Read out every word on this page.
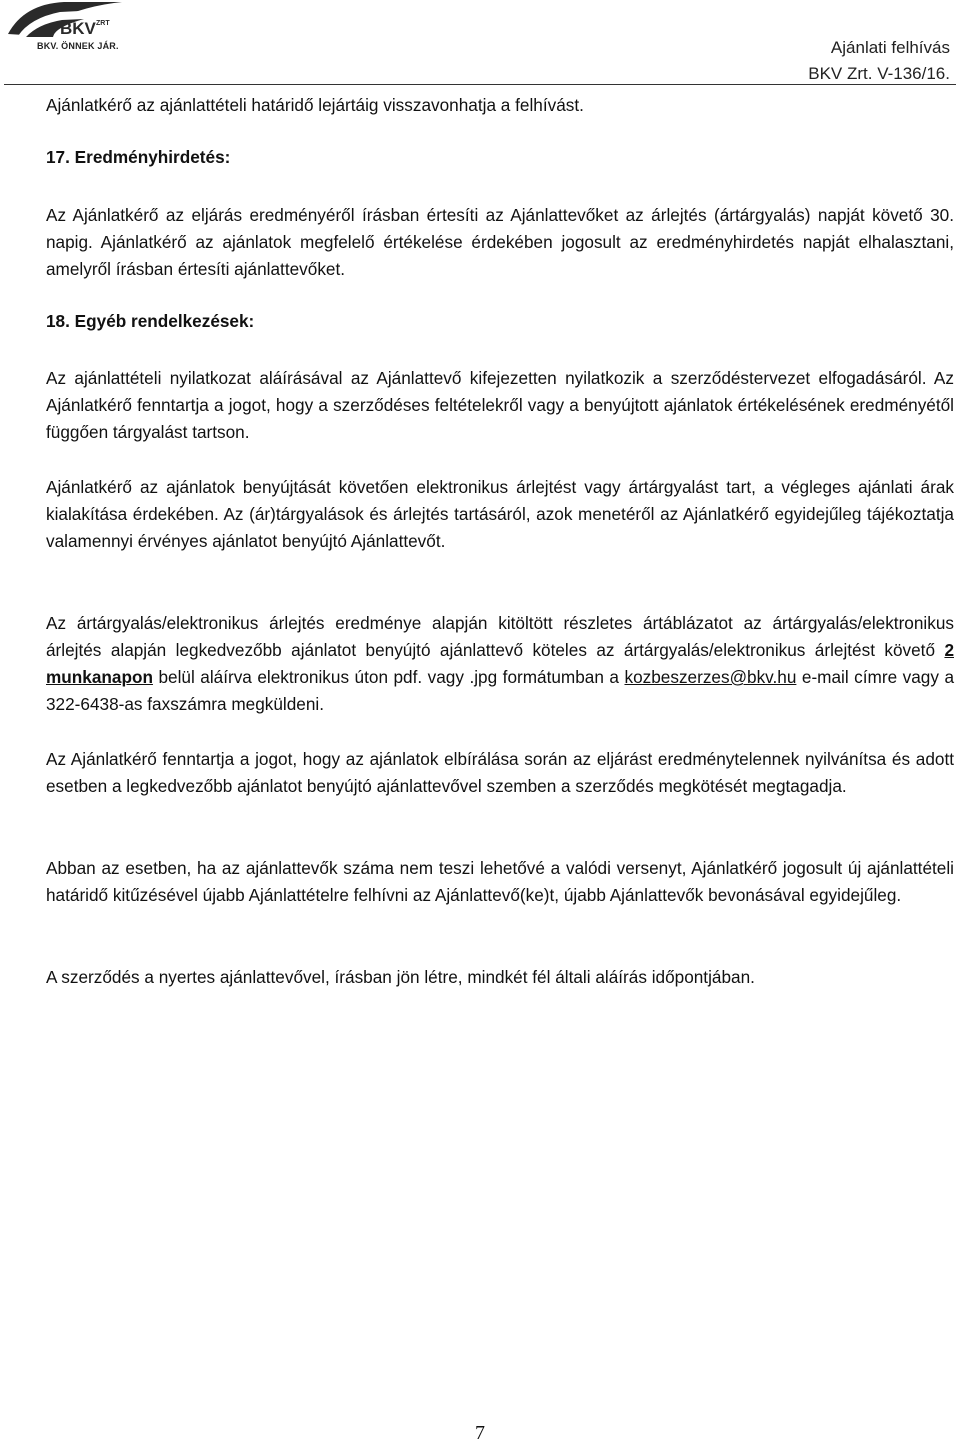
BKV ZRT
BKV. ÖNNEK JÁR.	Ajánlati felhívás
BKV Zrt. V-136/16.
Ajánlatkérő az ajánlattételi határidő lejártáig visszavonhatja a felhívást.
17. Eredményhirdetés:
Az Ajánlatkérő az eljárás eredményéről írásban értesíti az Ajánlattevőket az árlejtés (ártárgyalás) napját követő 30. napig. Ajánlatkérő az ajánlatok megfelelő értékelése érdekében jogosult az eredményhirdetés napját elhalasztani, amelyről írásban értesíti ajánlattevőket.
18. Egyéb rendelkezések:
Az ajánlattételi nyilatkozat aláírásával az Ajánlattevő kifejezetten nyilatkozik a szerződéstervezet elfogadásáról. Az Ajánlatkérő fenntartja a jogot, hogy a szerződéses feltételekről vagy a benyújtott ajánlatok értékelésének eredményétől függően tárgyalást tartson.
Ajánlatkérő az ajánlatok benyújtását követően elektronikus árlejtést vagy ártárgyalást tart, a végleges ajánlati árak kialakítása érdekében. Az (ár)tárgyalások és árlejtés tartásáról, azok menetéről az Ajánlatkérő egyidejűleg tájékoztatja valamennyi érvényes ajánlatot benyújtó Ajánlattevőt.
Az ártárgyalás/elektronikus árlejtés eredménye alapján kitöltött részletes ártáblázatot az ártárgyalás/elektronikus árlejtés alapján legkedvezőbb ajánlatot benyújtó ajánlattevő köteles az ártárgyalás/elektronikus árlejtést követő 2 munkanapon belül aláírva elektronikus úton pdf. vagy .jpg formátumban a kozbeszerzes@bkv.hu e-mail címre vagy a 322-6438-as faxszámra megküldeni.
Az Ajánlatkérő fenntartja a jogot, hogy az ajánlatok elbírálása során az eljárást eredménytelennek nyilvánítsa és adott esetben a legkedvezőbb ajánlatot benyújtó ajánlattevővel szemben a szerződés megkötését megtagadja.
Abban az esetben, ha az ajánlattevők száma nem teszi lehetővé a valódi versenyt, Ajánlatkérő jogosult új ajánlattételi határidő kitűzésével újabb Ajánlattételre felhívni az Ajánlattevő(ke)t, újabb Ajánlattevők bevonásával egyidejűleg.
A szerződés a nyertes ajánlattevővel, írásban jön létre, mindkét fél általi aláírás időpontjában.
7
